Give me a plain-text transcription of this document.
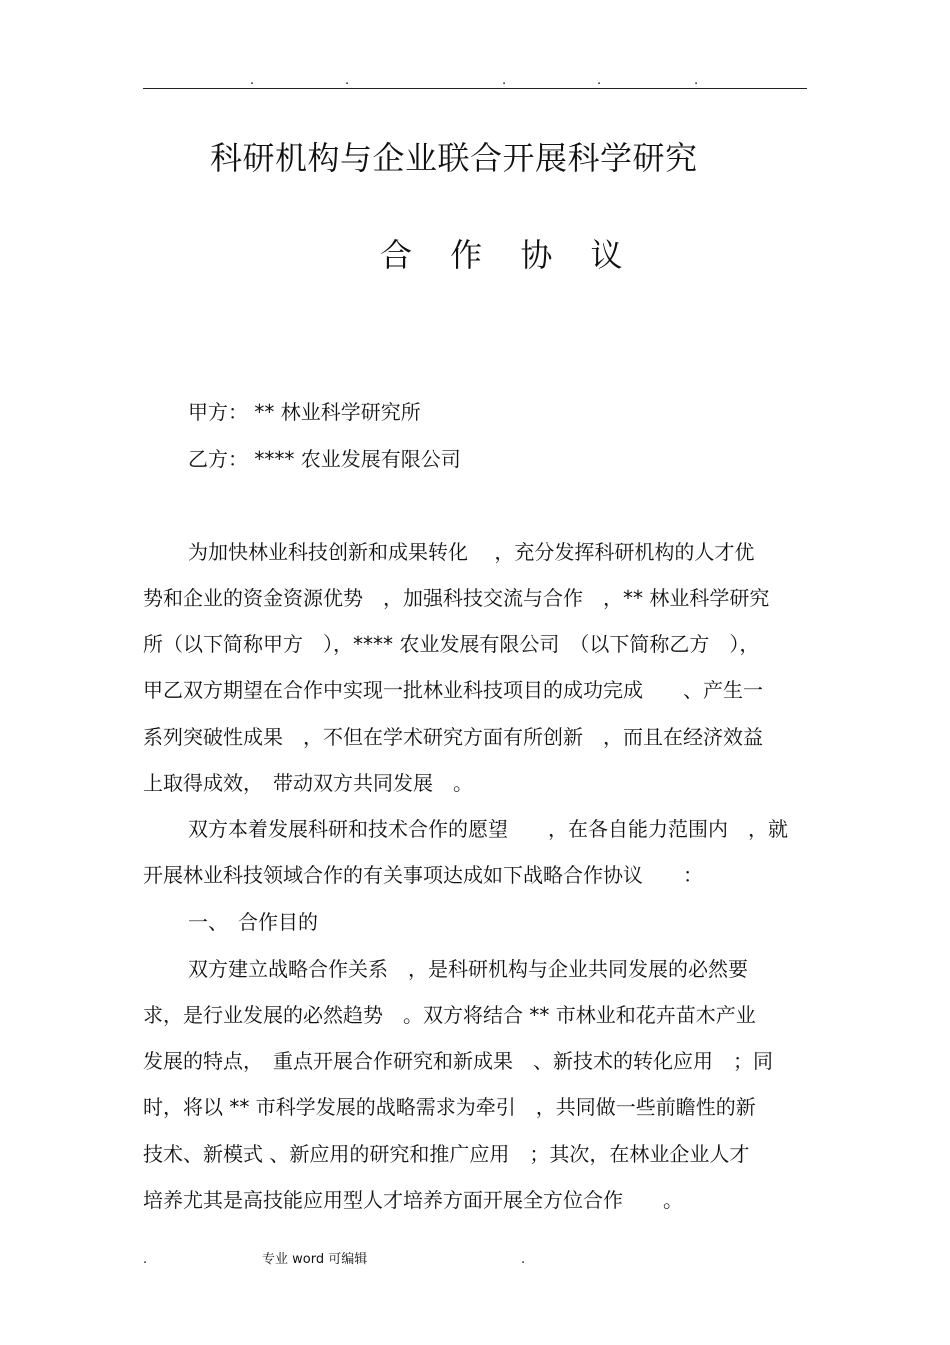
.	.	.	.	.
科研机构与企业联合开展科学研究
合 作 协 议
甲方： ** 林业科学研究所
乙方： **** 农业发展有限公司
为加快林业科技创新和成果转化　 ，充分发挥科研机构的人才优
势和企业的资金资源优势　，加强科技交流与合作　，** 林业科学研究
所（以下简称甲方　），**** 农业发展有限公司　（以下简称乙方　），
甲乙双方期望在合作中实现一批林业科技项目的成功完成　　、产生一
系列突破性成果　，不但在学术研究方面有所创新　，而且在经济效益
上取得成效，　带动双方共同发展　。
双方本着发展科研和技术合作的愿望　　，在各自能力范围内　，就
开展林业科技领域合作的有关事项达成如下战略合作协议　　：
一、　合作目的
双方建立战略合作关系　，是科研机构与企业共同发展的必然要
求，是行业发展的必然趋势　。双方将结合 ** 市林业和花卉苗木产业
发展的特点，　重点开展合作研究和新成果　、新技术的转化应用　；同
时，将以 ** 市科学发展的战略需求为牵引　，共同做一些前瞻性的新
技术、新模式 、新应用的研究和推广应用　；其次，在林业企业人才
培养尤其是高技能应用型人才培养方面开展全方位合作　　。
.	专业 word 可编辑	.
